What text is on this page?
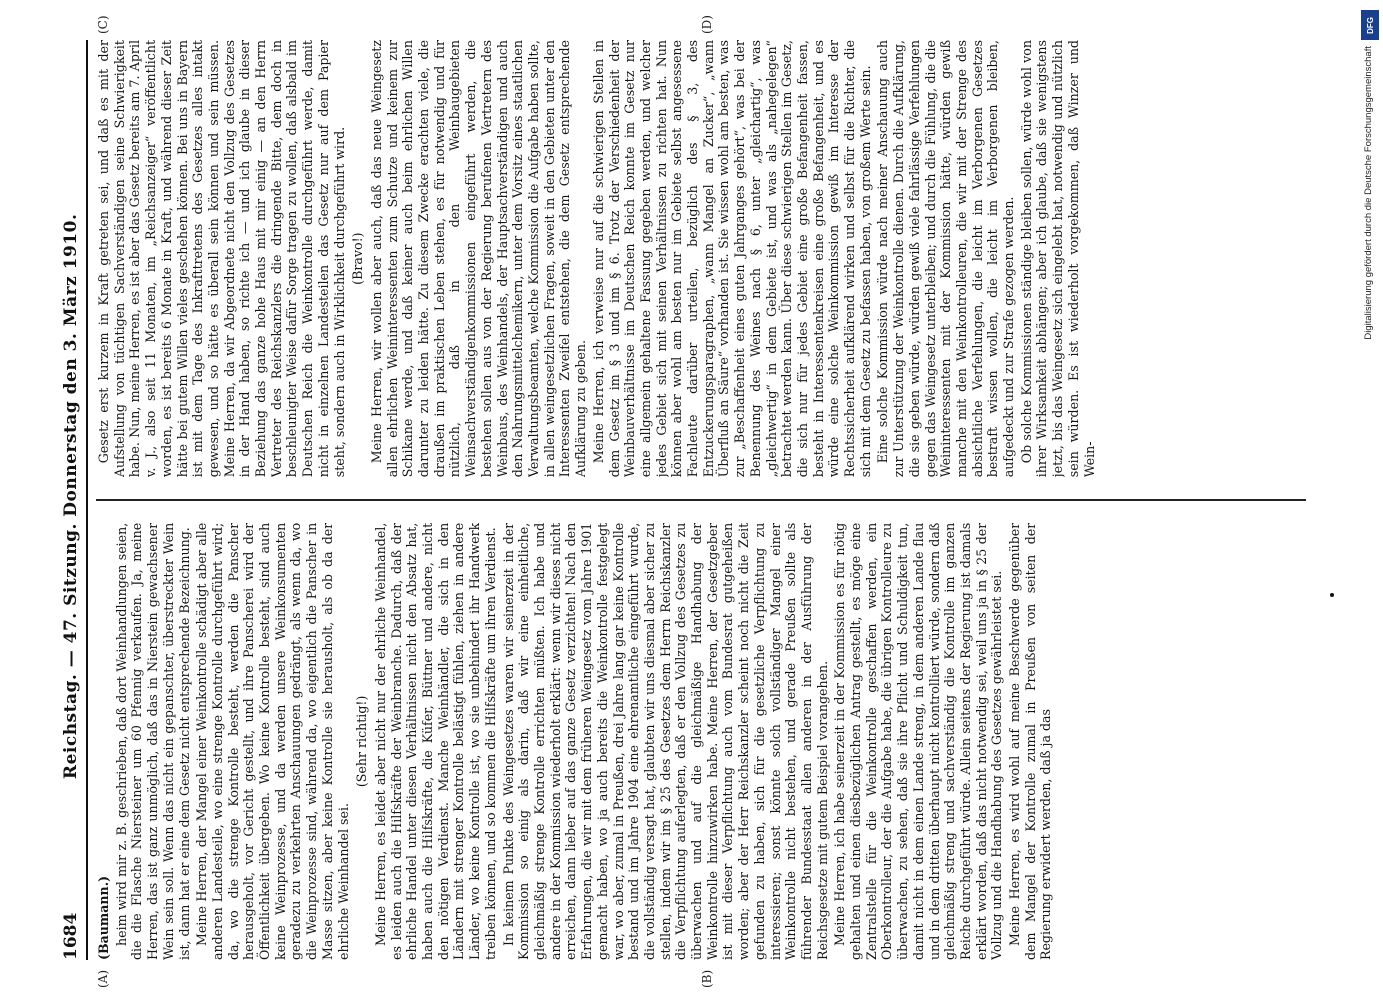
1684
Reichstag. — 47. Sitzung. Donnerstag den 3. März 1910.
(A)	(B)
(C)	(D)

(Baumann.) heim wird mir z. B. geschrieben, daß dort Weinhandlungen seien, die die Flasche Niersteiner um 60 Pfennig verkaufen. Ja, meine Herren, das ist ganz unmöglich, daß das in Nierstein gewachsener Wein sein soll. Wenn das nicht ein gepanschter, überstreckter Wein ist, dann hat er eine dem Gesetz nicht entsprechende Bezeichnung. Meine Herren, der Mangel einer Weinkontrolle schädigt aber alle anderen Landesteile, wo eine strenge Kontrolle durchgeführt wird; da, wo die strenge Kontrolle besteht, werden die Panscher herausgeholt, vor Gericht gestellt, und ihre Panscherei wird der Öffentlichkeit übergeben. Wo keine Kontrolle besteht, sind auch keine Weinprozesse, und da werden unsere Weinkonsumenten geradezu zu verkehrten Anschauungen gedrängt, als wenn da, wo die Weinprozesse sind, während da, wo eigentlich die Panscher in Masse sitzen, aber keine Kontrolle sie herausholt, als ob da der ehrliche Weinhandel sei.

(Sehr richtig!) Meine Herren, es leidet aber nicht nur der ehrliche Weinhandel, es leiden auch die Hilfskräfte der Weinbranche. Dadurch, daß der ehrliche Handel unter diesen Verhältnissen nicht den Absatz hat, haben auch die Hilfskräfte, die Küfer, Büttner und andere, nicht den nötigen Verdienst. Manche Weinhändler, die sich in den Ländern mit strenger Kontrolle belästigt fühlen, ziehen in andere Länder, wo keine Kontrolle ist, wo sie unbehindert ihr Handwerk treiben können, und so kommen die Hilfskräfte um ihren Verdienst. In keinem Punkte des Weingesetzes waren wir seinerzeit in der Kommission so einig als darin, daß wir eine einheitliche, gleichmäßig strenge Kontrolle errichten müßten. Ich habe und andere in der Kommission wiederholt erklärt: wenn wir dieses nicht erreichen, dann lieber auf das ganze Gesetz verzichten! Nach den Erfahrungen, die wir mit dem früheren Weingesetz vom Jahre 1901 gemacht haben, wo ja auch bereits die Weinkontrolle festgelegt war, wo aber, zumal in Preußen, drei Jahre lang gar keine Kontrolle bestand und im Jahre 1904 eine ehrenamtliche eingeführt wurde, die vollständig versagt hat, glaubten wir uns diesmal aber sicher zu stellen, indem wir im § 25 des Gesetzes dem Herrn Reichskanzler die Verpflichtung auferlegten, daß er den Vollzug des Gesetzes zu überwachen und auf die gleichmäßige Handhabung der Weinkontrolle hinzuwirken habe. Meine Herren, der Gesetzgeber ist mit dieser Verpflichtung auch vom Bundesrat gutgeheißen worden; aber der Herr Reichskanzler scheint noch nicht die Zeit gefunden zu haben, sich für die gesetzliche Verpflichtung zu interessieren; sonst könnte solch vollständiger Mangel einer Weinkontrolle nicht bestehen, und gerade Preußen sollte als führender Bundesstaat allen anderen in der Ausführung der Reichsgesetze mit gutem Beispiel vorangehen. Meine Herren, ich habe seinerzeit in der Kommission es für nötig gehalten und einen diesbezüglichen Antrag gestellt, es möge eine Zentralstelle für die Weinkontrolle geschaffen werden, ein Oberkontrolleur, der die Aufgabe habe, die übrigen Kontrolleure zu überwachen, zu sehen, daß sie ihre Pflicht und Schuldigkeit tun, damit nicht in dem einen Lande streng, in dem anderen Lande flau und in dem dritten überhaupt nicht kontrolliert würde, sondern daß gleichmäßig streng und sachverständig die Kontrolle im ganzen Reiche durchgeführt würde. Allein seitens der Regierung ist damals erklärt worden, daß das nicht notwendig sei, weil uns ja in § 25 der Vollzug und die Handhabung des Gesetzes gewährleistet sei. Meine Herren, es wird wohl auf meine Beschwerde gegenüber dem Mangel der Kontrolle zumal in Preußen von seiten der Regierung erwidert werden, daß ja das

Gesetz erst kurzem in Kraft getreten sei, und daß es mit der Aufstellung von tüchtigen Sachverständigen seine Schwierigkeit habe. Nun, meine Herren, es ist aber das Gesetz bereits am 7. April v. J., also seit 11 Monaten, im „Reichsanzeiger“ veröffentlicht worden, es ist bereits 6 Monate in Kraft, und während dieser Zeit hätte bei gutem Willen vieles geschehen können. Bei uns in Bayern ist mit dem Tage des Inkrafttretens des Gesetzes alles intakt gewesen, und so hätte es überall sein können und sein müssen. Meine Herren, da wir Abgeordnete nicht den Vollzug des Gesetzes in der Hand haben, so richte ich — und ich glaube in dieser Beziehung das ganze hohe Haus mit mir einig — an den Herrn Vertreter des Reichskanzlers die dringende Bitte, dem doch in beschleunigter Weise dafür Sorge tragen zu wollen, daß alsbald im Deutschen Reich die Weinkontrolle durchgeführt werde, damit nicht in einzelnen Landesteilen das Gesetz nur auf dem Papier steht, sondern auch in Wirklichkeit durchgeführt wird. (Bravo!) Meine Herren, wir wollen aber auch, daß das neue Weingesetz allen ehrlichen Weininteressenten zum Schutze und keinem zur Schikane werde, und daß keiner auch beim ehrlichen Willen darunter zu leiden hätte. Zu diesem Zwecke erachten viele, die draußen im praktischen Leben stehen, es für notwendig und für nützlich, daß in den Weinbaugebieten Weinsachverständigenkommissionen eingeführt werden, die bestehen sollen aus von der Regierung berufenen Vertretern des Weinbaus, des Weinhandels, der Hauptsachverständigen und auch den Nahrungsmittelchemikern, unter dem Vorsitz eines staatlichen Verwaltungsbeamten, welche Kommission die Aufgabe haben sollte, in allen weingesetzlichen Fragen, soweit in den Gebieten unter den Interessenten Zweifel entstehen, die dem Gesetz entsprechende Aufklärung zu geben. Meine Herren, ich verweise nur auf die schwierigen Stellen in dem Gesetz im § 3 und im § 6. Trotz der Verschiedenheit der Weinbauverhältnisse im Deutschen Reich konnte im Gesetz nur eine allgemein gehaltene Fassung gegeben werden, und welcher jedes Gebiet sich mit seinen Verhältnissen zu richten hat. Nun können aber wohl am besten nur im Gebiete selbst angesessene Fachleute darüber urteilen, bezüglich des § 3, des Entzuckerungsparagraphen, „wann Mangel an Zucker“, „wann Überfluß an Säure“ vorhanden ist. Sie wissen wohl am besten, was zur „Beschaffenheit eines guten Jahrganges gehört“, was bei der Benennung des Weines nach § 6, unter „gleichartig“, was „gleichwertig“ in dem Gebiete ist, und was als „nahegelegen“ betrachtet werden kann. Über diese schwierigen Stellen im Gesetz, die sich nur für jedes Gebiet eine große Befangenheit fassen, besteht in Interessentenkreisen eine große Befangenheit, und es würde eine solche Weinkommission gewiß im Interesse der Rechtssicherheit aufklärend wirken und selbst für die Richter, die sich mit dem Gesetz zu befassen haben, von großem Werte sein. Eine solche Kommission würde nach meiner Anschauung auch zur Unterstützung der Weinkontrolle dienen. Durch die Aufklärung, die sie geben würde, würden gewiß viele fahrlässige Verfehlungen gegen das Weingesetz unterbleiben; und durch die Fühlung, die die Weininteressenten mit der Kommission hätte, würden gewiß manche mit den Weinkontrolleuren, die wir mit der Strenge des absichtliche Verfehlungen, die leicht im Verborgenen Gesetzes bestraft wissen wollen, die leicht im Verborgenen bleiben, aufgedeckt und zur Strafe gezogen werden. Ob solche Kommissionen ständige bleiben sollen, würde wohl von ihrer Wirksamkeit abhängen; aber ich glaube, daß sie wenigstens jetzt, bis das Weingesetz sich eingelebt hat, notwendig und nützlich sein würden. Es ist wiederholt vorgekommen, daß Winzer und Wein-

DFG
Digitalisierung gefördert durch die Deutsche Forschungsgemeinschaft
